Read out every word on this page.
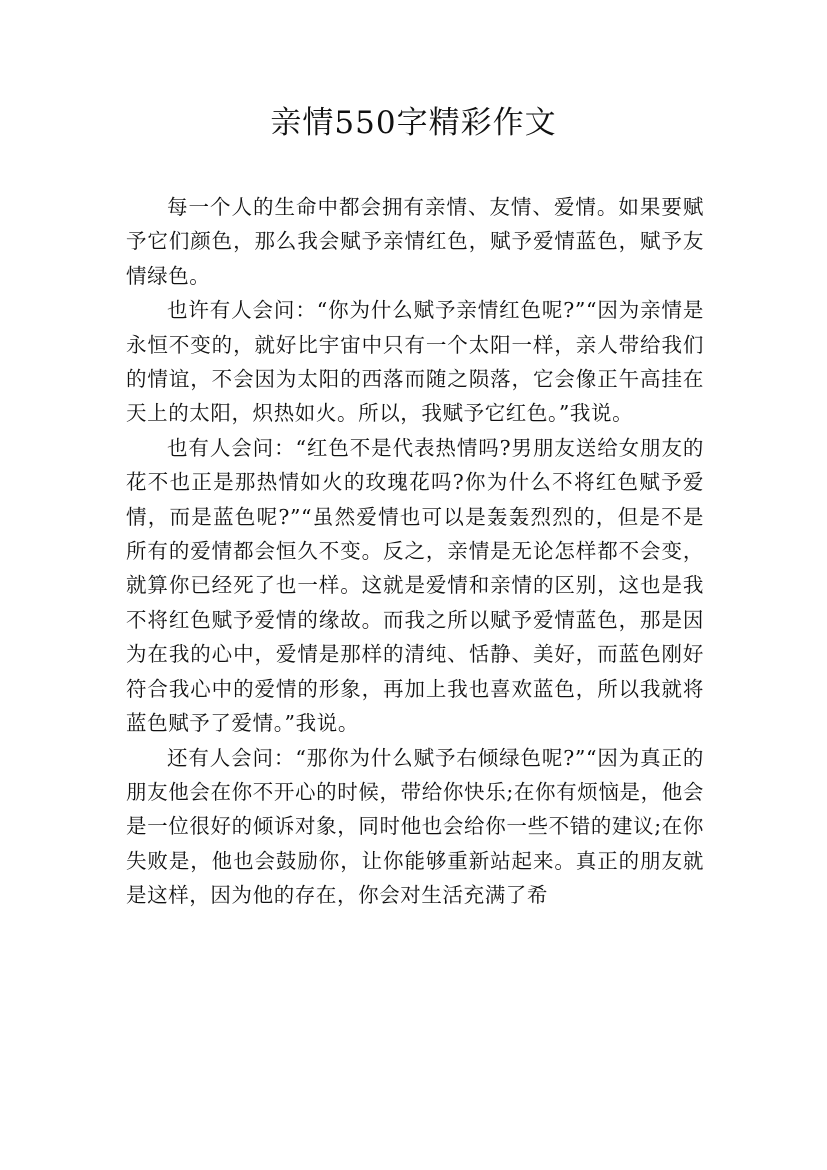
亲情550字精彩作文

每一个人的生命中都会拥有亲情、友情、爱情。如果要赋予它们颜色，那么我会赋予亲情红色，赋予爱情蓝色，赋予友情绿色。

也许有人会问：“你为什么赋予亲情红色呢?”“因为亲情是永恒不变的，就好比宇宙中只有一个太阳一样，亲人带给我们的情谊，不会因为太阳的西落而随之陨落，它会像正午高挂在天上的太阳，炽热如火。所以，我赋予它红色。”我说。

也有人会问：“红色不是代表热情吗?男朋友送给女朋友的花不也正是那热情如火的玫瑰花吗?你为什么不将红色赋予爱情，而是蓝色呢?”“虽然爱情也可以是轰轰烈烈的，但是不是所有的爱情都会恒久不变。反之，亲情是无论怎样都不会变，就算你已经死了也一样。这就是爱情和亲情的区别，这也是我不将红色赋予爱情的缘故。而我之所以赋予爱情蓝色，那是因为在我的心中，爱情是那样的清纯、恬静、美好，而蓝色刚好符合我心中的爱情的形象，再加上我也喜欢蓝色，所以我就将蓝色赋予了爱情。”我说。

还有人会问：“那你为什么赋予右倾绿色呢?”“因为真正的朋友他会在你不开心的时候，带给你快乐;在你有烦恼是，他会是一位很好的倾诉对象，同时他也会给你一些不错的建议;在你失败是，他也会鼓励你，让你能够重新站起来。真正的朋友就是这样，因为他的存在，你会对生活充满了希
